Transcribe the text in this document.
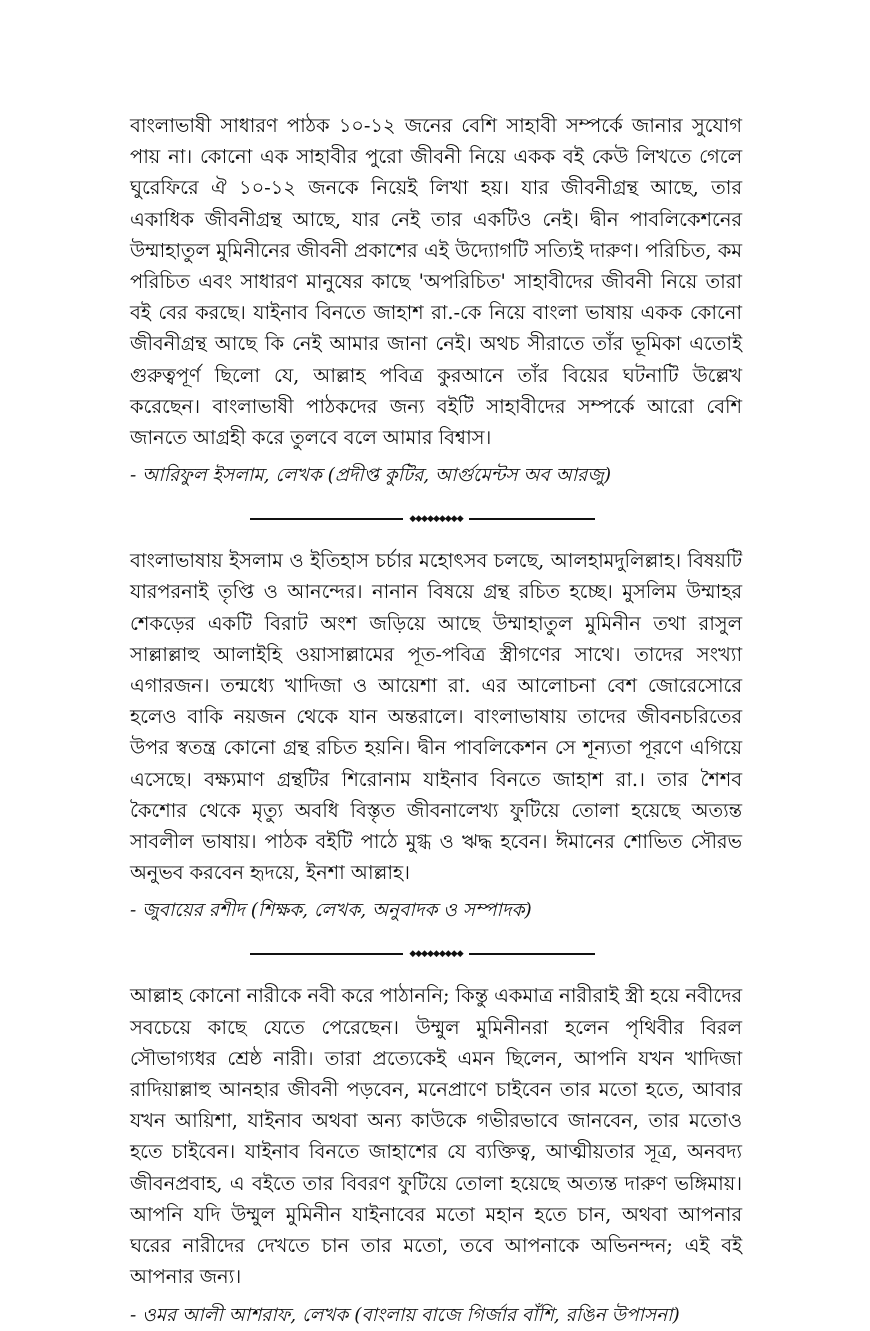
বাংলাভাষী সাধারণ পাঠক ১০-১২ জনের বেশি সাহাবী সম্পর্কে জানার সুযোগ পায় না। কোনো এক সাহাবীর পুরো জীবনী নিয়ে একক বই কেউ লিখতে গেলে ঘুরেফিরে ঐ ১০-১২ জনকে নিয়েই লিখা হয়। যার জীবনীগ্রন্থ আছে, তার একাধিক জীবনীগ্রন্থ আছে, যার নেই তার একটিও নেই। দ্বীন পাবলিকেশনের উম্মাহাতুল মুমিনীনের জীবনী প্রকাশের এই উদ্যোগটি সত্যিই দারুণ। পরিচিত, কম পরিচিত এবং সাধারণ মানুষের কাছে 'অপরিচিত' সাহাবীদের জীবনী নিয়ে তারা বই বের করছে। যাইনাব বিনতে জাহাশ রা.-কে নিয়ে বাংলা ভাষায় একক কোনো জীবনীগ্রন্থ আছে কি নেই আমার জানা নেই। অথচ সীরাতে তাঁর ভূমিকা এতোই গুরুত্বপূর্ণ ছিলো যে, আল্লাহ পবিত্র কুরআনে তাঁর বিয়ের ঘটনাটি উল্লেখ করেছেন। বাংলাভাষী পাঠকদের জন্য বইটি সাহাবীদের সম্পর্কে আরো বেশি জানতে আগ্রহী করে তুলবে বলে আমার বিশ্বাস।

- আরিফুল ইসলাম, লেখক (প্রদীপ্ত কুটির, আর্গুমেন্টস অব আরজু)

◆◆◆◆◆◆◆◆◆

বাংলাভাষায় ইসলাম ও ইতিহাস চর্চার মহোৎসব চলছে, আলহামদুলিল্লাহ। বিষয়টি যারপরনাই তৃপ্তি ও আনন্দের। নানান বিষয়ে গ্রন্থ রচিত হচ্ছে। মুসলিম উম্মাহর শেকড়ের একটি বিরাট অংশ জড়িয়ে আছে উম্মাহাতুল মুমিনীন তথা রাসুল সাল্লাল্লাহু আলাইহি ওয়াসাল্লামের পূত-পবিত্র স্ত্রীগণের সাথে। তাদের সংখ্যা এগারজন। তন্মধ্যে খাদিজা ও আয়েশা রা. এর আলোচনা বেশ জোরেসোরে হলেও বাকি নয়জন থেকে যান অন্তরালে। বাংলাভাষায় তাদের জীবনচরিতের উপর স্বতন্ত্র কোনো গ্রন্থ রচিত হয়নি। দ্বীন পাবলিকেশন সে শূন্যতা পূরণে এগিয়ে এসেছে। বক্ষ্যমাণ গ্রন্থটির শিরোনাম যাইনাব বিনতে জাহাশ রা.। তার শৈশব কৈশোর থেকে মৃত্যু অবধি বিস্তৃত জীবনালেখ্য ফুটিয়ে তোলা হয়েছে অত্যন্ত সাবলীল ভাষায়। পাঠক বইটি পাঠে মুগ্ধ ও ঋদ্ধ হবেন। ঈমানের শোভিত সৌরভ অনুভব করবেন হৃদয়ে, ইনশা আল্লাহ।

- জুবায়ের রশীদ (শিক্ষক, লেখক, অনুবাদক ও সম্পাদক)

◆◆◆◆◆◆◆◆◆

আল্লাহ কোনো নারীকে নবী করে পাঠাননি; কিন্তু একমাত্র নারীরাই স্ত্রী হয়ে নবীদের সবচেয়ে কাছে যেতে পেরেছেন। উম্মুল মুমিনীনরা হলেন পৃথিবীর বিরল সৌভাগ্যধর শ্রেষ্ঠ নারী। তারা প্রত্যেকেই এমন ছিলেন, আপনি যখন খাদিজা রাদিয়াল্লাহু আনহার জীবনী পড়বেন, মনেপ্রাণে চাইবেন তার মতো হতে, আবার যখন আয়িশা, যাইনাব অথবা অন্য কাউকে গভীরভাবে জানবেন, তার মতোও হতে চাইবেন। যাইনাব বিনতে জাহাশের যে ব্যক্তিত্ব, আত্মীয়তার সূত্র, অনবদ্য জীবনপ্রবাহ, এ বইতে তার বিবরণ ফুটিয়ে তোলা হয়েছে অত্যন্ত দারুণ ভঙ্গিমায়। আপনি যদি উম্মুল মুমিনীন যাইনাবের মতো মহান হতে চান, অথবা আপনার ঘরের নারীদের দেখতে চান তার মতো, তবে আপনাকে অভিনন্দন; এই বই আপনার জন্য।

- ওমর আলী আশরাফ, লেখক (বাংলায় বাজে গির্জার বাঁশি, রঙিন উপাসনা)
